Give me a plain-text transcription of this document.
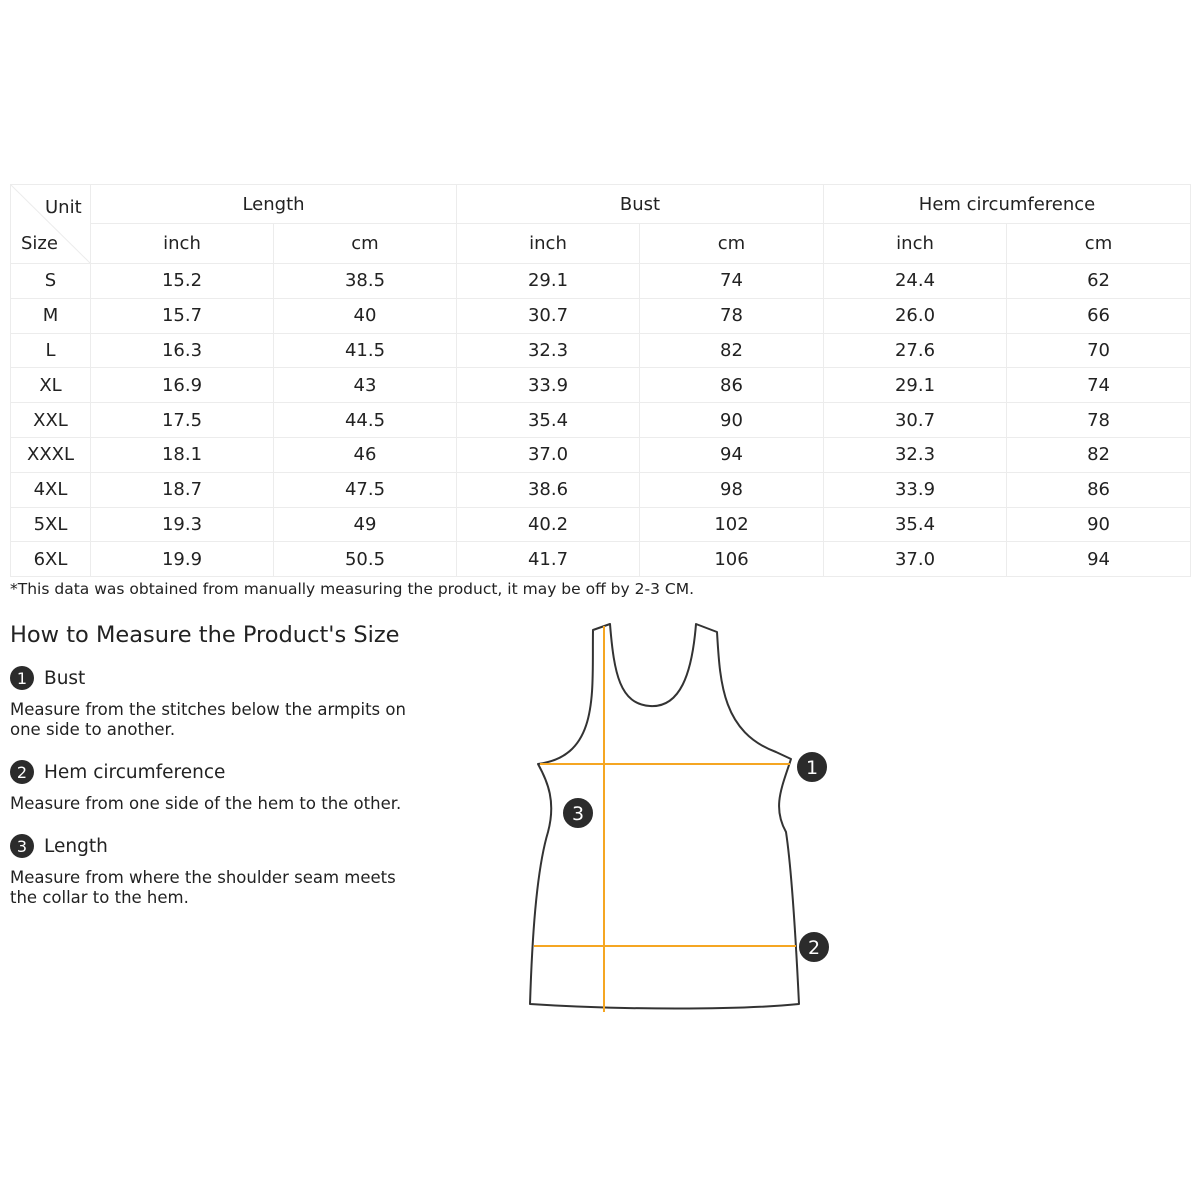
Unit
Size	Length		Bust		Hem circumference	
	inch	cm	inch	cm	inch	cm
S	15.2	38.5	29.1	74	24.4	62
M	15.7	40	30.7	78	26.0	66
L	16.3	41.5	32.3	82	27.6	70
XL	16.9	43	33.9	86	29.1	74
XXL	17.5	44.5	35.4	90	30.7	78
XXXL	18.1	46	37.0	94	32.3	82
4XL	18.7	47.5	38.6	98	33.9	86
5XL	19.3	49	40.2	102	35.4	90
6XL	19.9	50.5	41.7	106	37.0	94
*This data was obtained from manually measuring the product, it may be off by 2-3 CM.
How to Measure the Product's Size
1 Bust

Measure from the stitches below the armpits on one side to another.

2 Hem circumference

Measure from one side of the hem to the other.

3 Length

Measure from where the shoulder seam meets the collar to the hem.

1
2
3
